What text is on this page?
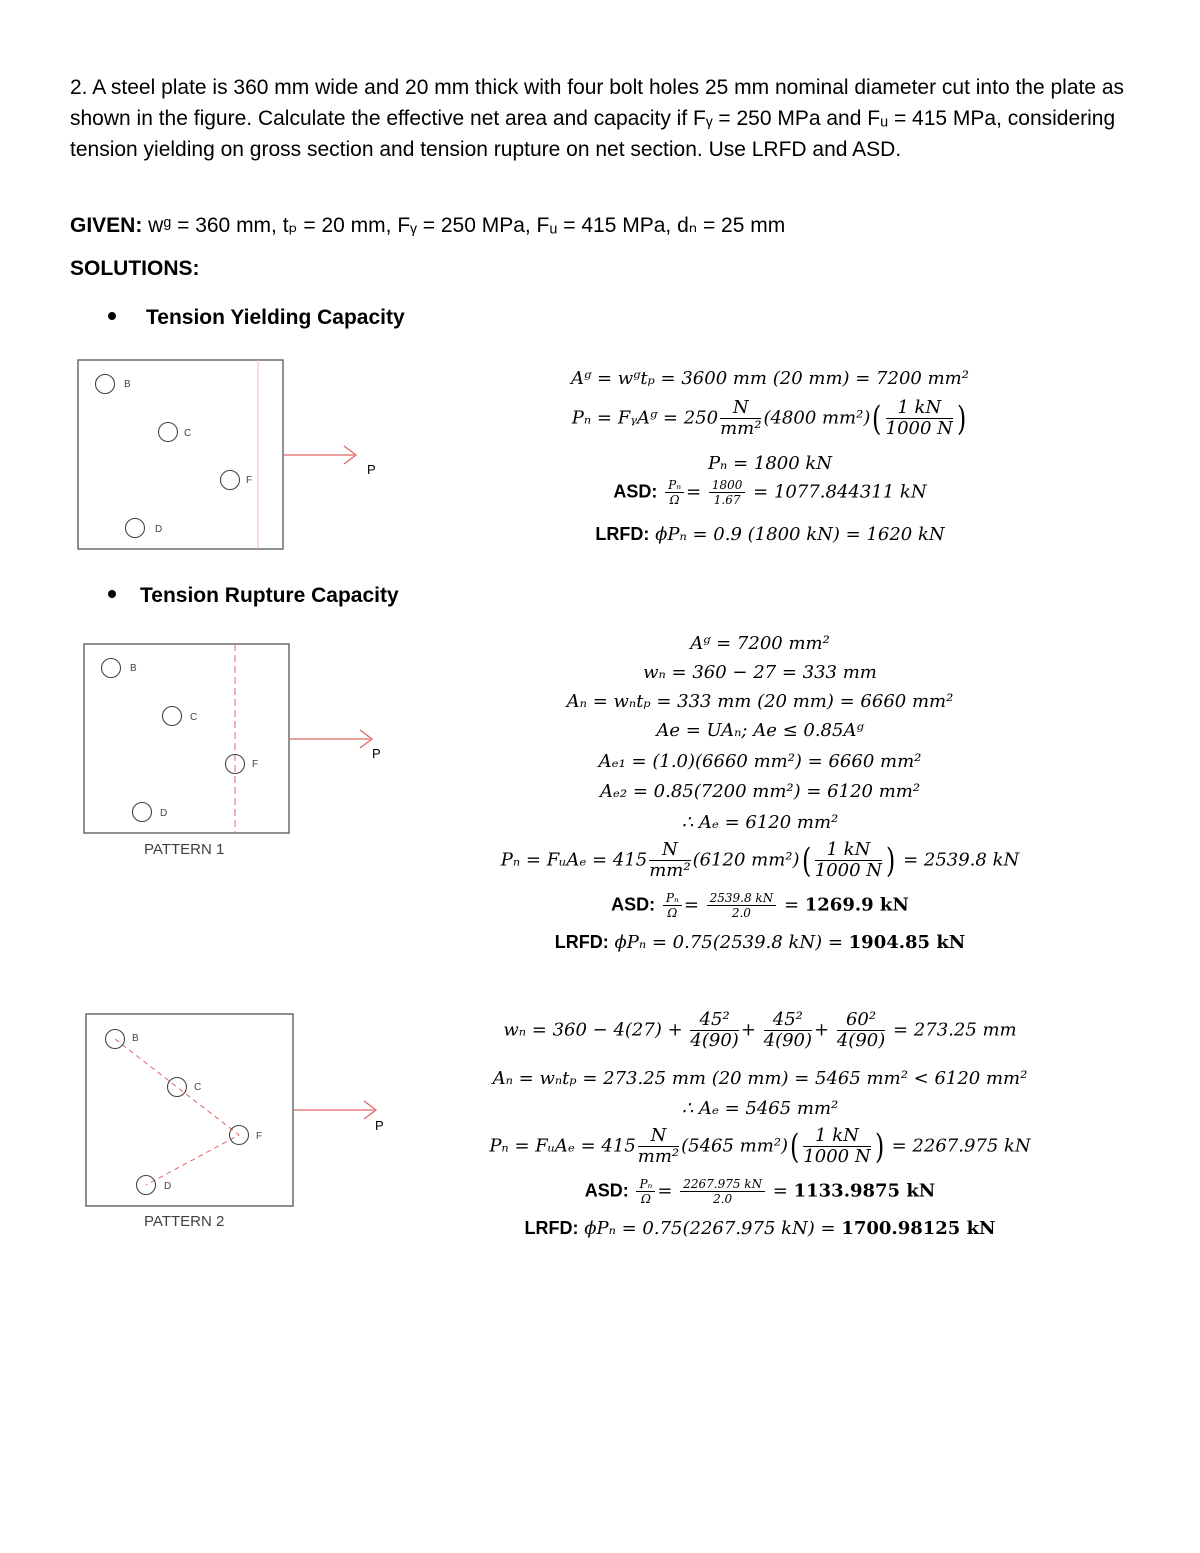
2. A steel plate is 360 mm wide and 20 mm thick with four bolt holes 25 mm nominal diameter cut into the plate as shown in the figure. Calculate the effective net area and capacity if Fᵧ = 250 MPa and Fᵤ = 415 MPa, considering tension yielding on gross section and tension rupture on net section. Use LRFD and ASD.
GIVEN: wᵍ = 360 mm, tₚ = 20 mm, Fᵧ = 250 MPa, Fᵤ = 415 MPa, dₙ = 25 mm
SOLUTIONS:
Tension Yielding Capacity
B
C
F
D
P
Aᵍ = wᵍtₚ = 3600 mm (20 mm) = 7200 mm²
Pₙ = FᵧAᵍ = $250 \frac{N}{\text{mm²}} (4800$ $mm^2)( \frac{1 kN}{1000 N}$ )
Pₙ = 1800 kN
ASD: $\frac{\text{Pₙ}}{\Omega} = \frac{1800}{1.67} = 1077.844311$ kN
LRFD: ϕPₙ = 0.9 (1800 kN) = 1620 kN
Tension Rupture Capacity
B
C
F
D
P
PATTERN 1
Aᵍ = 7200 mm²
wₙ = 360 − 27 = 333 mm
Aₙ = wₙtₚ = 333 mm (20 mm) = 6660 mm²
Ae = UAₙ; Ae ≤ 0.85Aᵍ
Aₑ₁ = (1.0)(6660 mm²) = 6660 mm²
Aₑ₂ = 0.85(7200 mm²) = 6120 mm²
∴ Aₑ = 6120 mm²
Pₙ = FᵤAₑ = $415 \frac{N}{\text{mm²}} (6120$ $mm^2)( \frac{1 kN}{1000 N}$ ) = 2539.8 kN
ASD: $\frac{\text{Pₙ}}{\Omega} = \frac{2539.8 kN}{2.0} = 1269.9$ kN
LRFD: ϕPₙ = 0.75(2539.8 kN) = 1904.85 kN
B
C
F
D
P
PATTERN 2
$w_n = 360 - 4(27) + \frac{\text{45²}}{4(90)} + \frac{\text{45²}}{4(90)} + \frac{\text{60²}}{4(90)} = 273.25$ mm
Aₙ = wₙtₚ = 273.25 mm (20 mm) = 5465 mm² < 6120 mm²
∴ Aₑ = 5465 mm²
Pₙ = FᵤAₑ = $415 \frac{N}{\text{mm²}} (5465$ $mm^2)( \frac{1 kN}{1000 N}$ ) = 2267.975 kN
ASD: $\frac{\text{Pₙ}}{\Omega} = \frac{2267.975 kN}{2.0} = 1133.9875$ kN
LRFD: ϕPₙ = 0.75(2267.975 kN) = 1700.98125 kN
